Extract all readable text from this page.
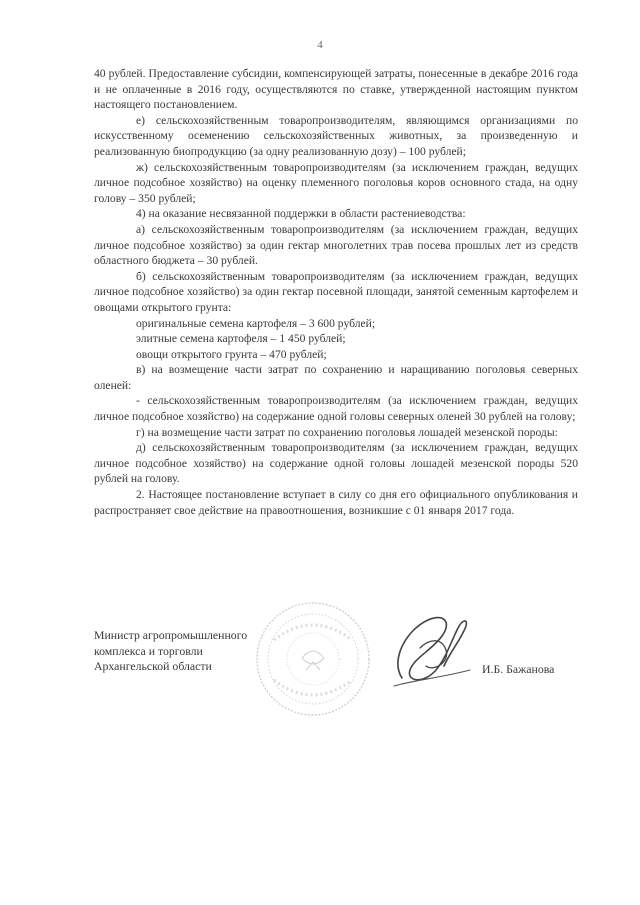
4

40 рублей. Предоставление субсидии, компенсирующей затраты, понесенные в декабре 2016 года и не оплаченные в 2016 году, осуществляются по ставке, утвержденной настоящим пунктом настоящего постановлением.

е) сельскохозяйственным товаропроизводителям, являющимся организациями по искусственному осеменению сельскохозяйственных животных, за произведенную и реализованную биопродукцию (за одну реализованную дозу) – 100 рублей;

ж) сельскохозяйственным товаропроизводителям (за исключением граждан, ведущих личное подсобное хозяйство) на оценку племенного поголовья коров основного стада, на одну голову – 350 рублей;

4) на оказание несвязанной поддержки в области растениеводства:

а) сельскохозяйственным товаропроизводителям (за исключением граждан, ведущих личное подсобное хозяйство) за один гектар многолетних трав посева прошлых лет из средств областного бюджета – 30 рублей.

б) сельскохозяйственным товаропроизводителям (за исключением граждан, ведущих личное подсобное хозяйство) за один гектар посевной площади, занятой семенным картофелем и овощами открытого грунта:

оригинальные семена картофеля – 3 600 рублей;

элитные семена картофеля – 1 450 рублей;

овощи открытого грунта – 470 рублей;

в) на возмещение части затрат по сохранению и наращиванию поголовья северных оленей:

- сельскохозяйственным товаропроизводителям (за исключением граждан, ведущих личное подсобное хозяйство) на содержание одной головы северных оленей 30 рублей на голову;

г) на возмещение части затрат по сохранению поголовья лошадей мезенской породы:

д) сельскохозяйственным товаропроизводителям (за исключением граждан, ведущих личное подсобное хозяйство) на содержание одной головы лошадей мезенской породы 520 рублей на голову.

2. Настоящее постановление вступает в силу со дня его официального опубликования и распространяет свое действие на правоотношения, возникшие с 01 января 2017 года.

Министр агропромышленного
комплекса и торговли
Архангельской области	И.Б. Бажанова
